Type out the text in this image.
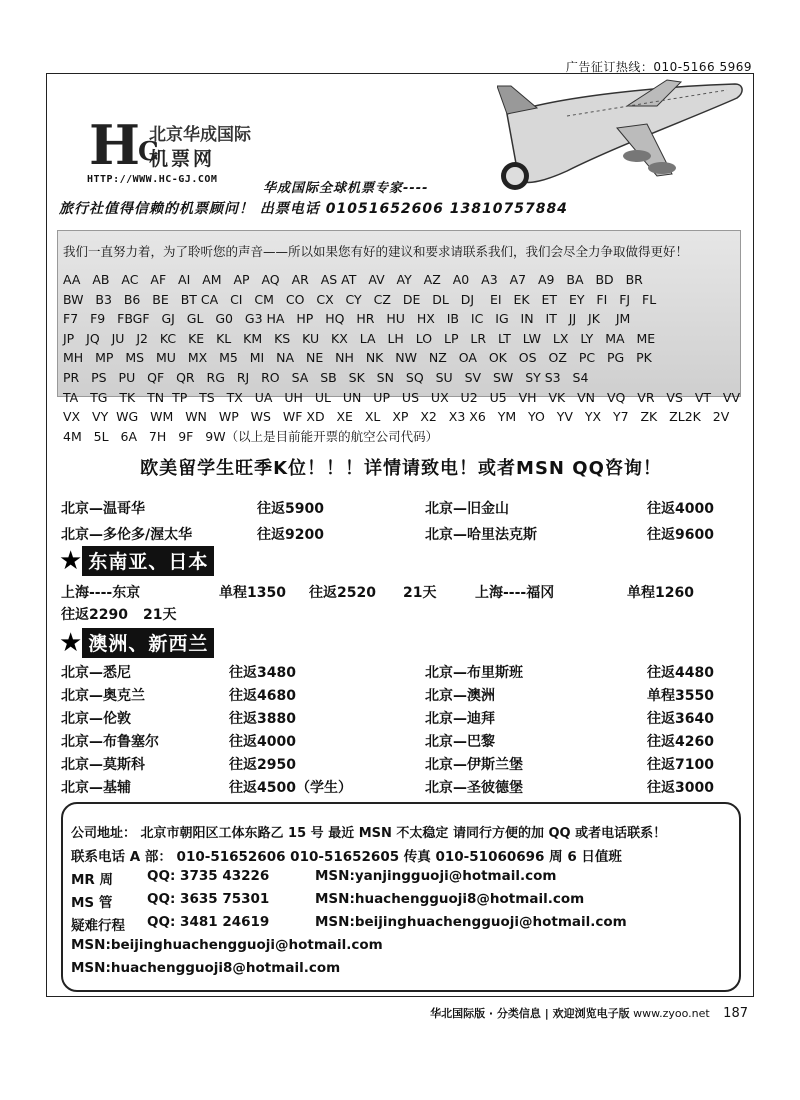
广告征订热线：010-5166 5969
HC
北京华成国际
机票网
HTTP://WWW.HC-GJ.COM
华成国际全球机票专家----
旅行社值得信赖的机票顾问！ 出票电话 01051652606 13810757884
我们一直努力着，为了聆听您的声音——所以如果您有好的建议和要求请联系我们，我们会尽全力争取做得更好！
AA   AB   AC   AF   AI   AM   AP   AQ   AR   AS AT   AV   AY   AZ   A0   A3   A7   A9   BA   BD   BR
BW   B3   B6   BE   BT CA   CI   CM   CO   CX   CY   CZ   DE   DL   DJ    EI   EK   ET   EY   FI   FJ   FL
F7   F9   FBGF   GJ   GL   G0   G3 HA   HP   HQ   HR   HU   HX   IB   IC   IG   IN   IT   JJ   JK    JM
JP   JQ   JU   J2   KC   KE   KL   KM   KS   KU   KX   LA   LH   LO   LP   LR   LT   LW   LX   LY   MA   ME
MH   MP   MS   MU   MX   M5   MI   NA   NE   NH   NK   NW   NZ   OA   OK   OS   OZ   PC   PG   PK
PR   PS   PU   QF   QR   RG   RJ   RO   SA   SB   SK   SN   SQ   SU   SV   SW   SY S3   S4
TA   TG   TK   TN  TP   TS   TX   UA   UH   UL   UN   UP   US   UX   U2   U5   VH   VK   VN   VQ   VR   VS   VT   VV
VX   VY  WG   WM   WN   WP   WS   WF XD   XE   XL   XP   X2   X3 X6   YM   YO   YV   YX   Y7   ZK   ZL2K   2V
4M   5L   6A   7H   9F   9W（以上是目前能开票的航空公司代码）
欧美留学生旺季K位！！！详情请致电！或者MSN QQ咨询！
北京—温哥华	往返5900	北京—旧金山	往返4000
北京—多伦多/渥太华	往返9200	北京—哈里法克斯	往返9600
★ 东南亚、日本
上海----东京	单程1350 往返2520 21天	上海----福冈	单程1260
往返2290 21天
★ 澳洲、新西兰
北京—悉尼	往返3480	北京—布里斯班	往返4480
北京—奥克兰	往返4680	北京—澳洲	单程3550
北京—伦敦	往返3880	北京—迪拜	往返3640
北京—布鲁塞尔	往返4000	北京—巴黎	往返4260
北京—莫斯科	往返2950	北京—伊斯兰堡	往返7100
北京—基辅	往返4500（学生）	北京—圣彼德堡	往返3000
公司地址： 北京市朝阳区工体东路乙 15 号 最近 MSN 不太稳定 请同行方便的加 QQ 或者电话联系！
联系电话 A 部： 010-51652606 010-51652605 传真 010-51060696 周 6 日值班
MR 周	QQ: 3735 43226	MSN:yanjingguoji@hotmail.com
MS 管	QQ: 3635 75301	MSN:huachengguoji8@hotmail.com
疑难行程 QQ: 3481 24619	MSN:beijinghuachengguoji@hotmail.com
MSN:beijinghuachengguoji@hotmail.com
MSN:huachengguoji8@hotmail.com
华北国际版 · 分类信息 | 欢迎浏览电子版 www.zyoo.net 187
